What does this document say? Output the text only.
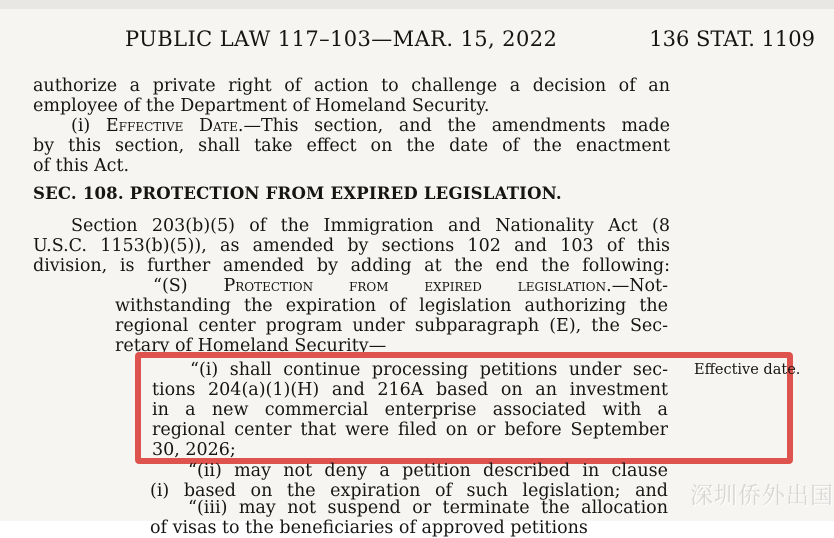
PUBLIC LAW 117–103—MAR. 15, 2022	136 STAT. 1109
authorize a private right of action to challenge a decision of an
employee of the Department of Homeland Security.
(i) Effective Date.—This section, and the amendments made
by this section, shall take effect on the date of the enactment
of this Act.
SEC. 108. PROTECTION FROM EXPIRED LEGISLATION.
Section 203(b)(5) of the Immigration and Nationality Act (8
U.S.C. 1153(b)(5)), as amended by sections 102 and 103 of this
division, is further amended by adding at the end the following:
“(S) Protection from expired legislation.—Not-
withstanding the expiration of legislation authorizing the
regional center program under subparagraph (E), the Sec-
retary of Homeland Security—
“(i) shall continue processing petitions under sec-
tions 204(a)(1)(H) and 216A based on an investment
in a new commercial enterprise associated with a
regional center that were filed on or before September
30, 2026;
Effective date.
“(ii) may not deny a petition described in clause
(i) based on the expiration of such legislation; and
“(iii) may not suspend or terminate the allocation
of visas to the beneficiaries of approved petitions
深圳侨外出国
